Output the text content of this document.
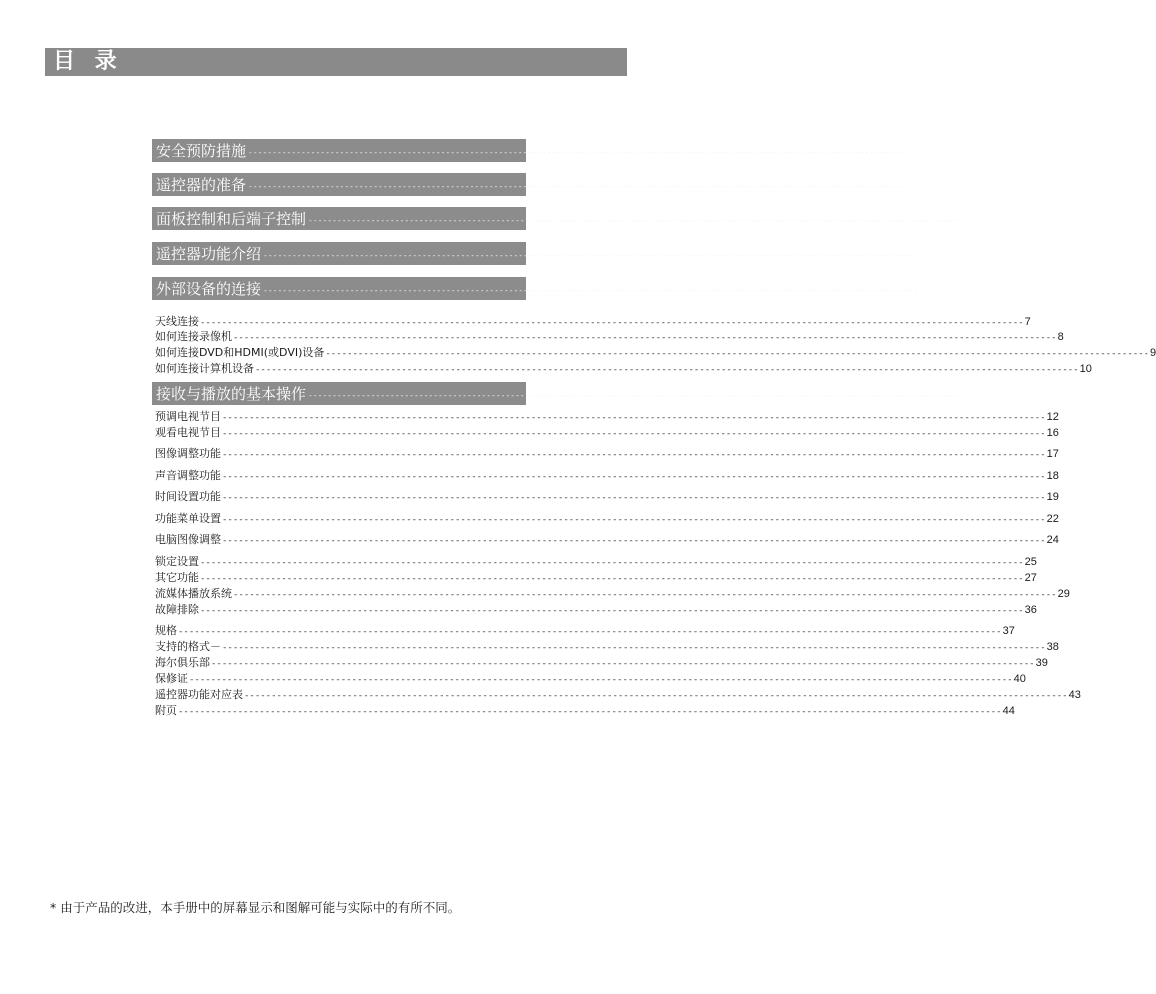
目 录
安全预防措施 ---------------------------------------------------------------------------------------------------------------------------------------- 1
遥控器的准备 ---------------------------------------------------------------------------------------------------------------------------------------- 3
面板控制和后端子控制 ---------------------------------------------------------------------------------------------------------------------------------------- 4
遥控器功能介绍 ---------------------------------------------------------------------------------------------------------------------------------------- 6
外部设备的连接 ---------------------------------------------------------------------------------------------------------------------------------------- 7
天线连接 -------------------------------------------------------------------------------------------------------------------------------------------------------- 7
如何连接录像机 -------------------------------------------------------------------------------------------------------------------------------------------------------- 8
如何连接DVD和HDMI(或DVI)设备 -------------------------------------------------------------------------------------------------------------------------------------------------------- 9
如何连接计算机设备 -------------------------------------------------------------------------------------------------------------------------------------------------------- 10
接收与播放的基本操作 ---------------------------------------------------------------------------------------------------------------------------------------- 11
预调电视节目 -------------------------------------------------------------------------------------------------------------------------------------------------------- 12
观看电视节目 -------------------------------------------------------------------------------------------------------------------------------------------------------- 16
图像调整功能 -------------------------------------------------------------------------------------------------------------------------------------------------------- 17
声音调整功能 -------------------------------------------------------------------------------------------------------------------------------------------------------- 18
时间设置功能 -------------------------------------------------------------------------------------------------------------------------------------------------------- 19
功能菜单设置 -------------------------------------------------------------------------------------------------------------------------------------------------------- 22
电脑图像调整 -------------------------------------------------------------------------------------------------------------------------------------------------------- 24
锁定设置 -------------------------------------------------------------------------------------------------------------------------------------------------------- 25
其它功能 -------------------------------------------------------------------------------------------------------------------------------------------------------- 27
流媒体播放系统 -------------------------------------------------------------------------------------------------------------------------------------------------------- 29
故障排除 -------------------------------------------------------------------------------------------------------------------------------------------------------- 36
规格 -------------------------------------------------------------------------------------------------------------------------------------------------------- 37
支持的格式－ -------------------------------------------------------------------------------------------------------------------------------------------------------- 38
海尔俱乐部 -------------------------------------------------------------------------------------------------------------------------------------------------------- 39
保修证 -------------------------------------------------------------------------------------------------------------------------------------------------------- 40
遥控器功能对应表 -------------------------------------------------------------------------------------------------------------------------------------------------------- 43
附页 -------------------------------------------------------------------------------------------------------------------------------------------------------- 44
* 由于产品的改进，本手册中的屏幕显示和图解可能与实际中的有所不同。
